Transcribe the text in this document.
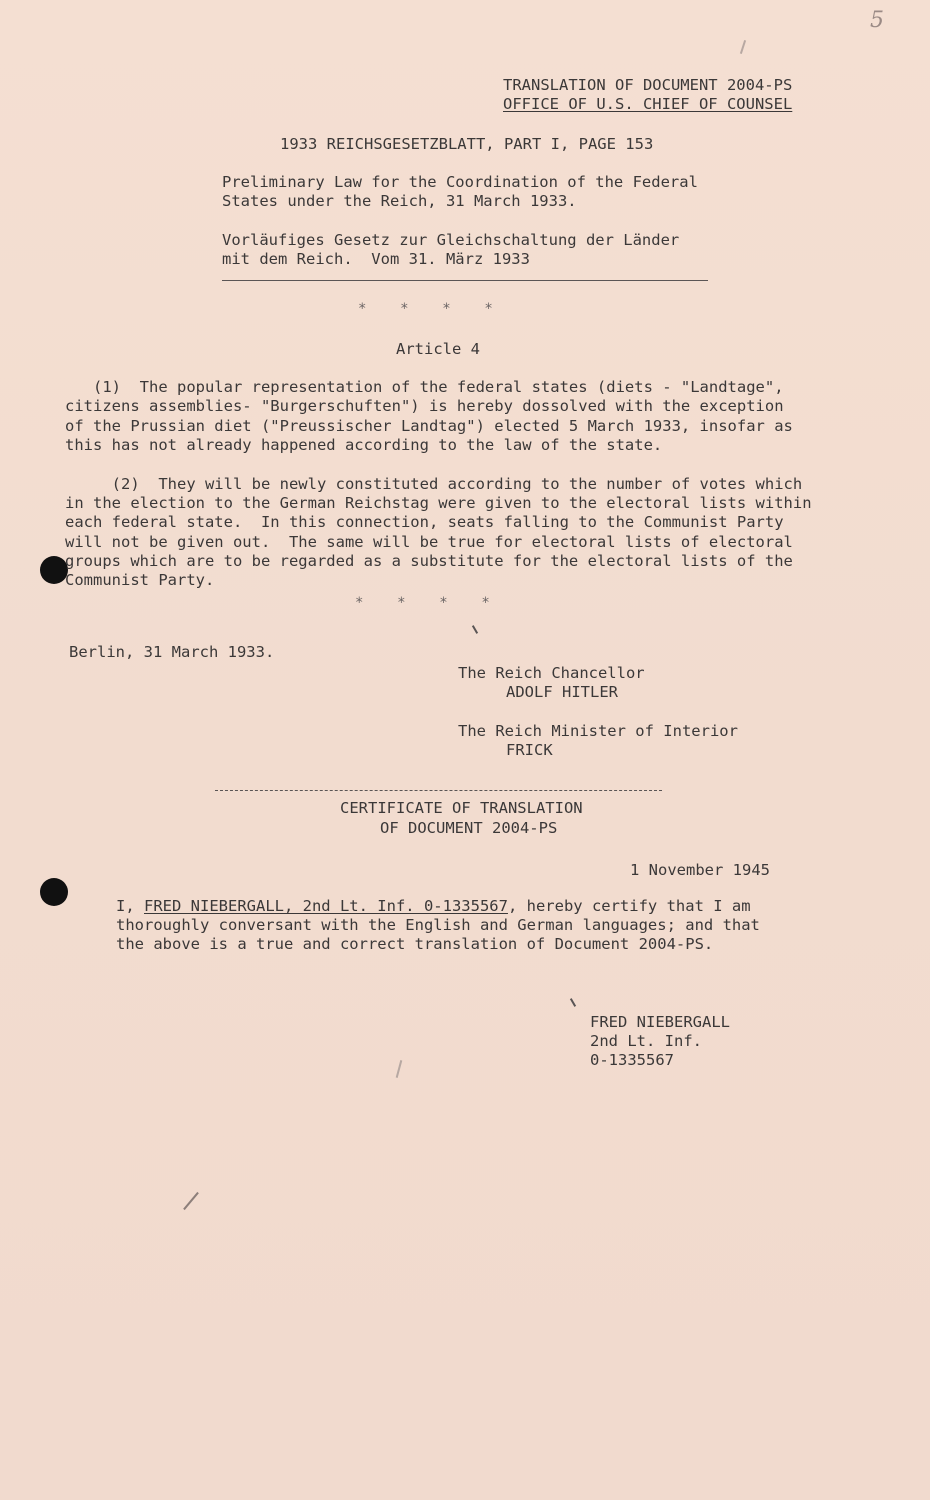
5
TRANSLATION OF DOCUMENT 2004-PS
OFFICE OF U.S. CHIEF OF COUNSEL
1933 REICHSGESETZBLATT, PART I, PAGE 153
Preliminary Law for the Coordination of the Federal
States under the Reich, 31 March 1933.
Vorläufiges Gesetz zur Gleichschaltung der Länder
mit dem Reich.  Vom 31. März 1933
*    *    *    *
Article 4
(1)  The popular representation of the federal states (diets - "Landtage",
citizens assemblies- "Burgerschuften") is hereby dossolved with the exception
of the Prussian diet ("Preussischer Landtag") elected 5 March 1933, insofar as
this has not already happened according to the law of the state.
(2)  They will be newly constituted according to the number of votes which
in the election to the German Reichstag were given to the electoral lists within
each federal state.  In this connection, seats falling to the Communist Party
will not be given out.  The same will be true for electoral lists of electoral
groups which are to be regarded as a substitute for the electoral lists of the
Communist Party.
*    *    *    *
Berlin, 31 March 1933.
The Reich Chancellor
ADOLF HITLER
The Reich Minister of Interior
FRICK
CERTIFICATE OF TRANSLATION
OF DOCUMENT 2004-PS
1 November 1945
I, FRED NIEBERGALL, 2nd Lt. Inf. 0-1335567, hereby certify that I am
thoroughly conversant with the English and German languages; and that
the above is a true and correct translation of Document 2004-PS.
FRED NIEBERGALL
2nd Lt. Inf.
0-1335567
